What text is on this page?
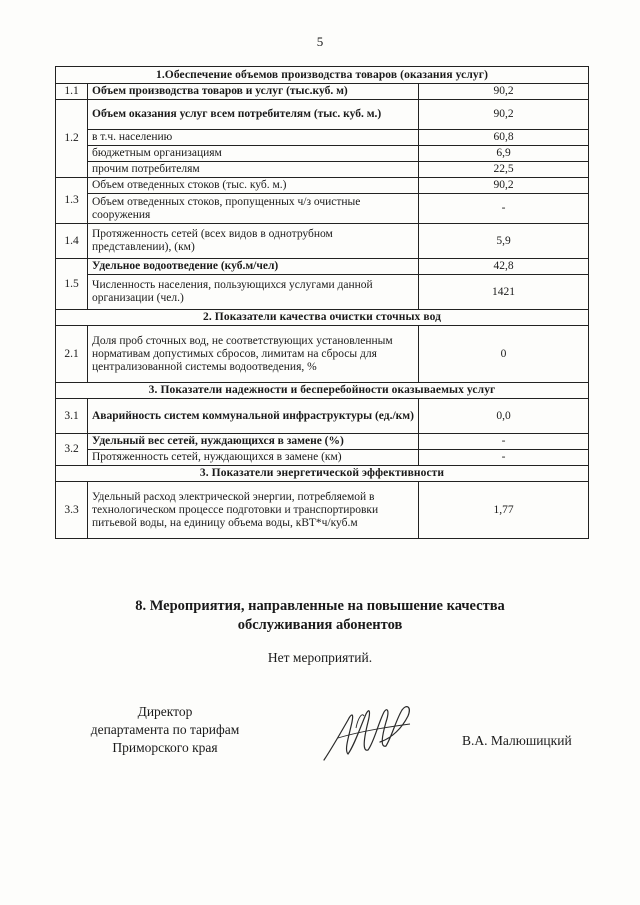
5
1.Обеспечение объемов производства товаров (оказания услуг)		
1.1	Объем производства товаров и услуг (тыс.куб. м)	90,2
1.2	Объем оказания услуг всем потребителям (тыс. куб. м.)	90,2
	в т.ч. населению	60,8
	бюджетным организациям	6,9
	прочим потребителям	22,5
1.3	Объем отведенных стоков (тыс. куб. м.)	90,2
	Объем отведенных стоков, пропущенных ч/з очистные сооружения	-
1.4	Протяженность сетей (всех видов в однотрубном представлении), (км)	5,9
1.5	Удельное водоотведение (куб.м/чел)	42,8
	Численность населения, пользующихся услугами данной организации (чел.)	1421
2. Показатели качества очистки сточных вод		
2.1	Доля проб сточных вод, не соответствующих установленным нормативам допустимых сбросов, лимитам на сбросы для централизованной системы водоотведения, %	0
3. Показатели надежности и бесперебойности оказываемых услуг		
3.1	Аварийность систем коммунальной инфраструктуры (ед./км)	0,0
3.2	Удельный вес сетей, нуждающихся в замене (%)	-
	Протяженность сетей, нуждающихся в замене (км)	-
3. Показатели энергетической эффективности		
3.3	Удельный расход электрической энергии, потребляемой в технологическом процессе подготовки и транспортировки питьевой воды, на единицу объема воды, кВТ*ч/куб.м	1,77
8. Мероприятия, направленные на повышение качества
обслуживания абонентов
Нет мероприятий.
Директор
департамента по тарифам
Приморского края	В.А. Малюшицкий
